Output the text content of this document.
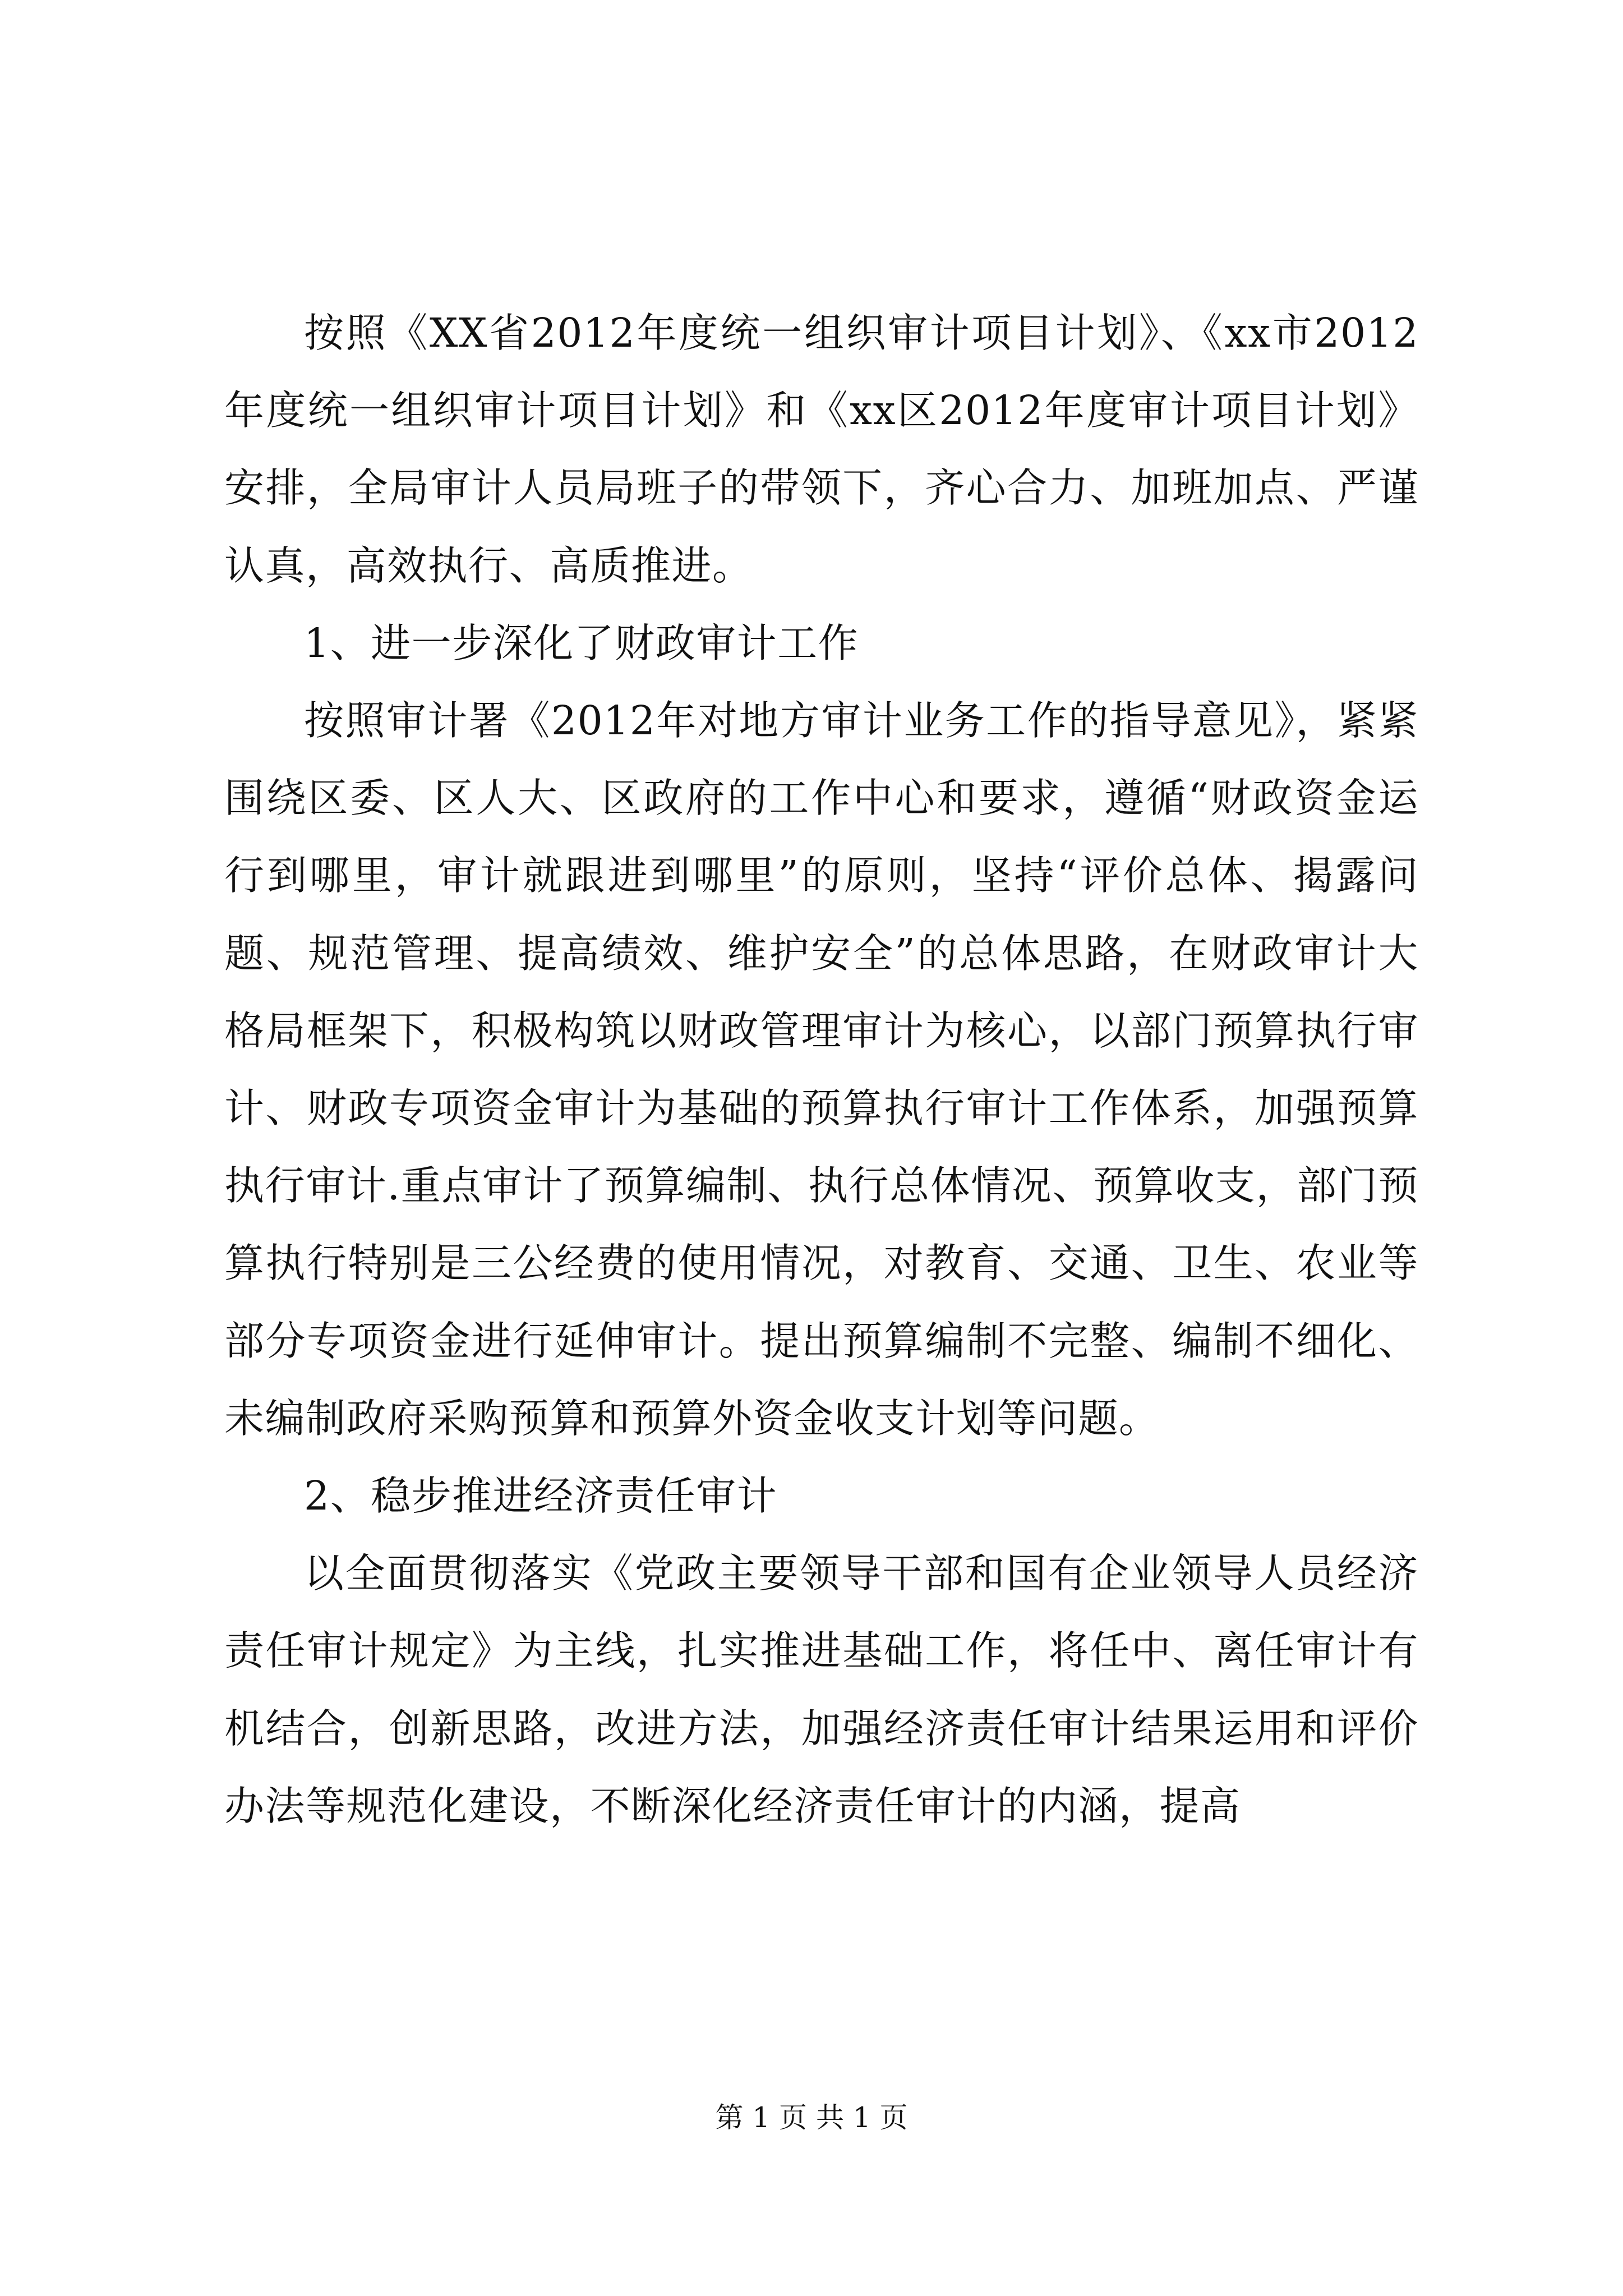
按照《XX省2012年度统一组织审计项目计划》、《xx市2012年度统一组织审计项目计划》和《xx区2012年度审计项目计划》安排，全局审计人员局班子的带领下，齐心合力、加班加点、严谨认真，高效执行、高质推进。

1、进一步深化了财政审计工作

按照审计署《2012年对地方审计业务工作的指导意见》，紧紧围绕区委、区人大、区政府的工作中心和要求，遵循“财政资金运行到哪里，审计就跟进到哪里”的原则，坚持“评价总体、揭露问题、规范管理、提高绩效、维护安全”的总体思路，在财政审计大格局框架下，积极构筑以财政管理审计为核心，以部门预算执行审计、财政专项资金审计为基础的预算执行审计工作体系，加强预算执行审计.重点审计了预算编制、执行总体情况、预算收支，部门预算执行特别是三公经费的使用情况，对教育、交通、卫生、农业等部分专项资金进行延伸审计。提出预算编制不完整、编制不细化、未编制政府采购预算和预算外资金收支计划等问题。

2、稳步推进经济责任审计

以全面贯彻落实《党政主要领导干部和国有企业领导人员经济责任审计规定》为主线，扎实推进基础工作，将任中、离任审计有机结合，创新思路，改进方法，加强经济责任审计结果运用和评价办法等规范化建设，不断深化经济责任审计的内涵，提高

第 1 页 共 1 页
